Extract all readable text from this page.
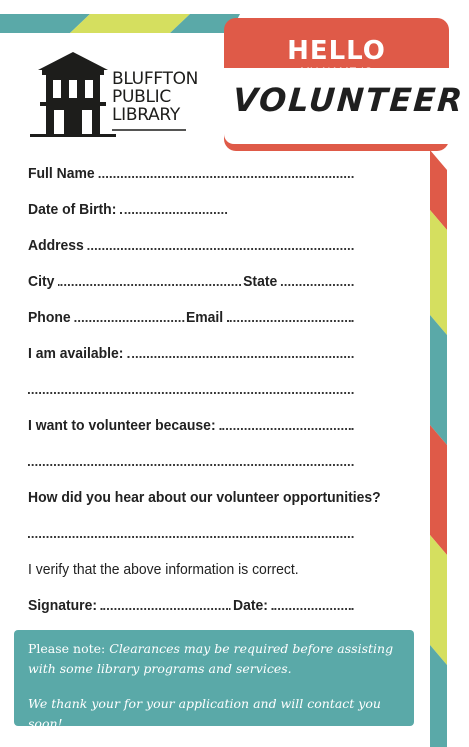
BLUFFTON
PUBLIC
LIBRARY
HELLO
VOLUNTEER
Full Name
Date of Birth:
Address
City	State
Phone	Email
I am available:
I want to volunteer because:
How did you hear about our volunteer opportunities?
I verify that the above information is correct.
Signature:	Date:

Please note: Clearances may be required before assisting with some library programs and services.

We thank your for your application and will contact you soon!
